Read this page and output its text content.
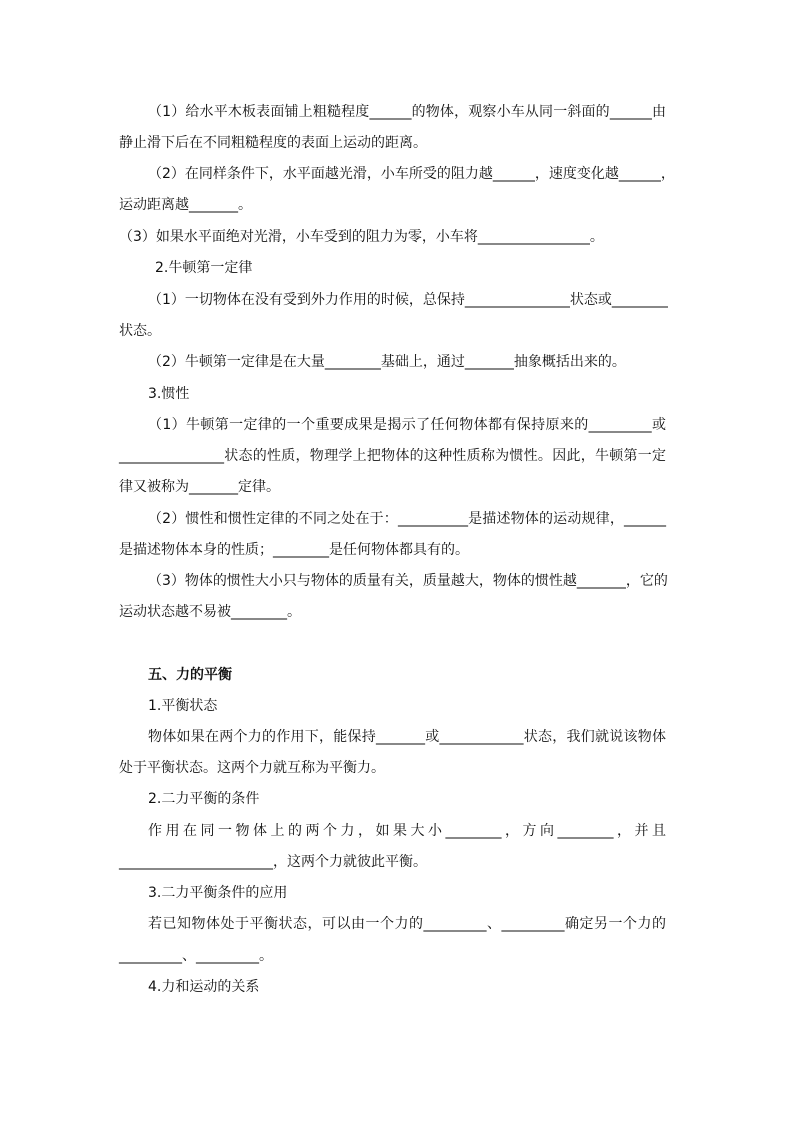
（1）给水平木板表面铺上粗糙程度______的物体，观察小车从同一斜面的______由
静止滑下后在不同粗糙程度的表面上运动的距离。
（2）在同样条件下，水平面越光滑，小车所受的阻力越______，速度变化越______，
运动距离越_______。
（3）如果水平面绝对光滑，小车受到的阻力为零，小车将________________。
2.牛顿第一定律
（1）一切物体在没有受到外力作用的时候，总保持_______________状态或________
状态。
（2）牛顿第一定律是在大量________基础上，通过_______抽象概括出来的。
3.惯性
（1）牛顿第一定律的一个重要成果是揭示了任何物体都有保持原来的_________或
_______________状态的性质，物理学上把物体的这种性质称为惯性。因此，牛顿第一定
律又被称为_______定律。
（2）惯性和惯性定律的不同之处在于：__________是描述物体的运动规律，______
是描述物体本身的性质；________是任何物体都具有的。
（3）物体的惯性大小只与物体的质量有关，质量越大，物体的惯性越_______，它的
运动状态越不易被________。
五、力的平衡
1.平衡状态
物体如果在两个力的作用下，能保持_______或____________状态，我们就说该物体
处于平衡状态。这两个力就互称为平衡力。
2.二力平衡的条件
作用在同一物体上的两个力，如果大小________，方向________，并且
______________________，这两个力就彼此平衡。
3.二力平衡条件的应用
若已知物体处于平衡状态，可以由一个力的_________、_________确定另一个力的
_________、_________。
4.力和运动的关系
